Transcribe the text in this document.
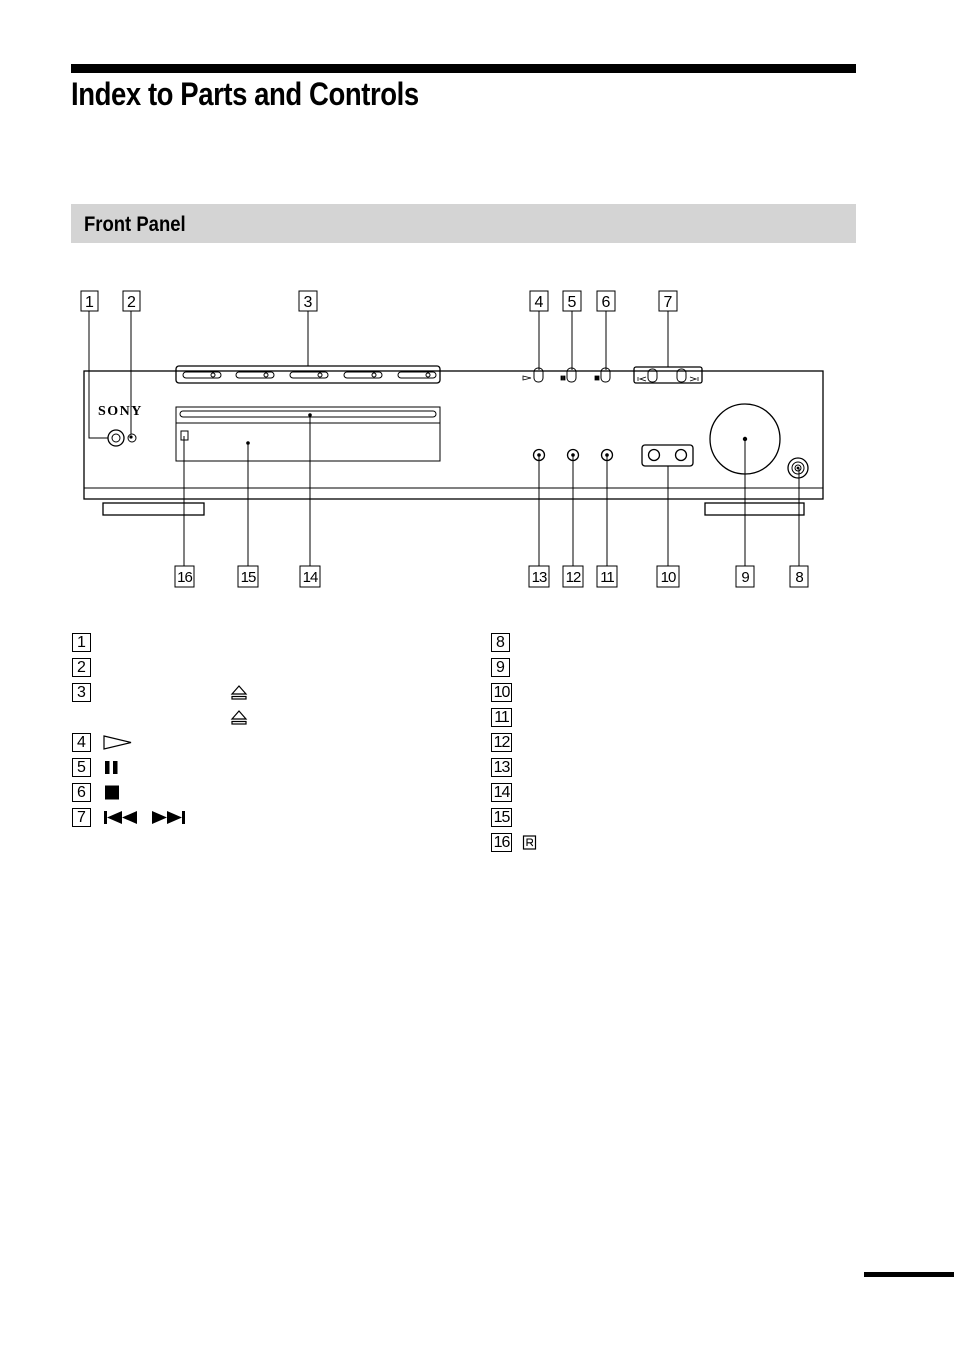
Index to Parts and Controls
Front Panel
SONY
1 2	3	4 5 6	7
16	15	14	13 12 11	10	9	8
1
2
3
4
5
6
7
8
9
10
11
12
13
14
15
16
